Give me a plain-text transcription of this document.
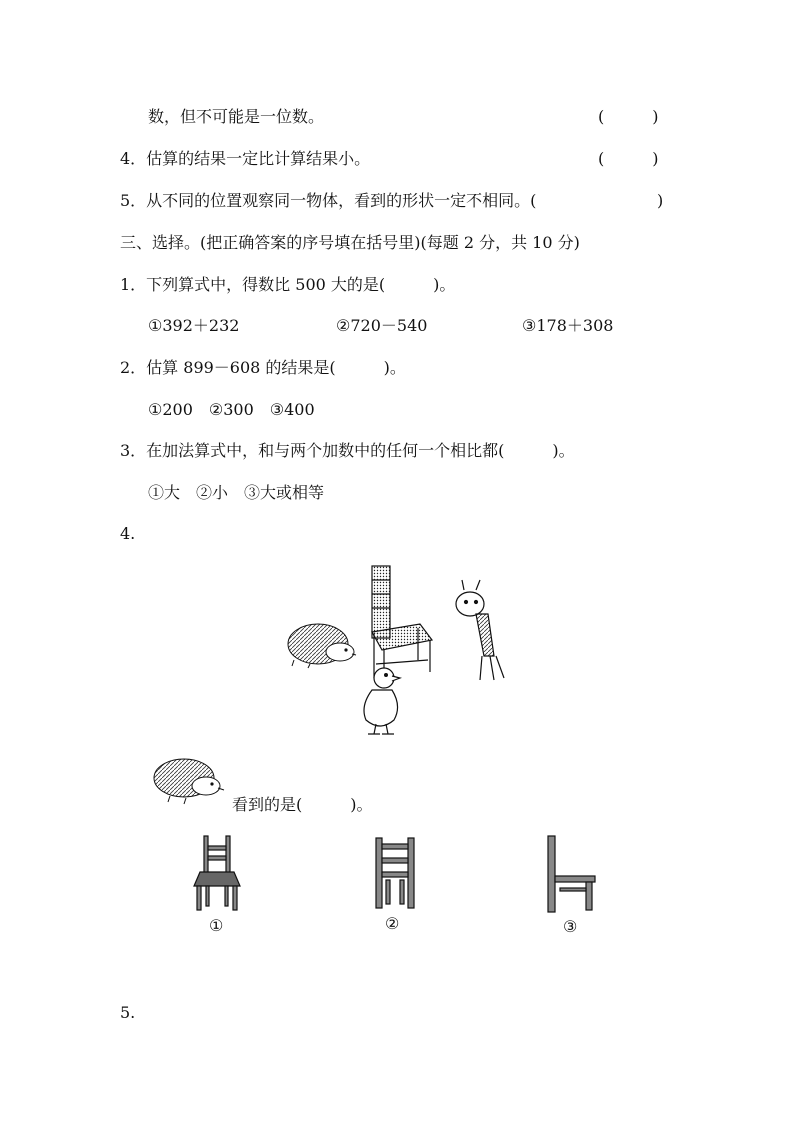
数，但不可能是一位数。	(　　　)
4．估算的结果一定比计算结果小。	(　　　)
5．从不同的位置观察同一物体，看到的形状一定不相同。(	)
三、选择。(把正确答案的序号填在括号里)(每题 2 分，共 10 分)
1．下列算式中，得数比 500 大的是(　　　)。
①392＋232	②720－540	③178＋308
2．估算 899－608 的结果是(　　　)。
①200　②300　③400
3．在加法算式中，和与两个加数中的任何一个相比都(　　　)。
①大　②小　③大或相等
4.
看到的是(　　　)。
①	②	③
5.
